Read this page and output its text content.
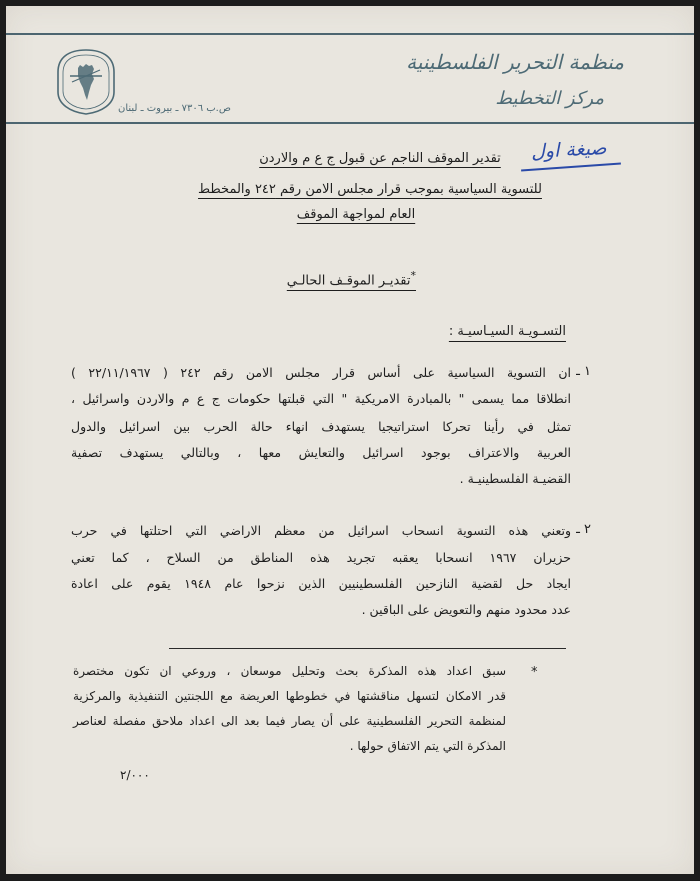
منظمة التحرير الفلسطينية
مركز التخطيط
ص.ب ٧٣٠٦ ـ بيروت ـ لبنان
صيغة اول
تقدير الموقف الناجم عن قبول ج ع م والاردن
للتسوية السياسية بموجب قرار مجلس الامن رقم ٢٤٢ والمخطط
العام لمواجهة الموقف
*تقديـر الموقـف الحالـي
التسـويـة السيـاسيـة :
١ ـ
ان التسوية السياسية على أساس قرار مجلس الامن رقم ٢٤٢ ( ٢٢/١١/١٩٦٧ )
انطلاقا مما يسمى " بالمبادرة الامريكية " التي قبلتها حكومات ج ع م والاردن واسرائيل ،
تمثل في رأينا تحركا استراتيجيا يستهدف انهاء حالة الحرب بين اسرائيل والدول
العربية والاعتراف بوجود اسرائيل والتعايش معها ، وبالتالي يستهدف تصفية
القضيـة الفلسطينيـة .
٢ ـ
وتعني هذه التسوية انسحاب اسرائيل من معظم الاراضي التي احتلتها في حرب
حزيران ١٩٦٧ انسحابا يعقبه تجريد هذه المناطق من السلاح ، كما تعني
ايجاد حل لقضية النازحين الفلسطينيين الذين نزحوا عام ١٩٤٨ يقوم على اعادة
عدد محدود منهم والتعويض على الباقين .
*
سبق اعداد هذه المذكرة بحث وتحليل موسعان ، وروعي ان تكون مختصرة
قدر الامكان لتسهل مناقشتها في خطوطها العريضة مع اللجنتين التنفيذية والمركزية
لمنظمة التحرير الفلسطينية على أن يصار فيما بعد الى اعداد ملاحق مفصلة لعناصر
المذكرة التي يتم الاتفاق حولها .
٢/٠٠٠
